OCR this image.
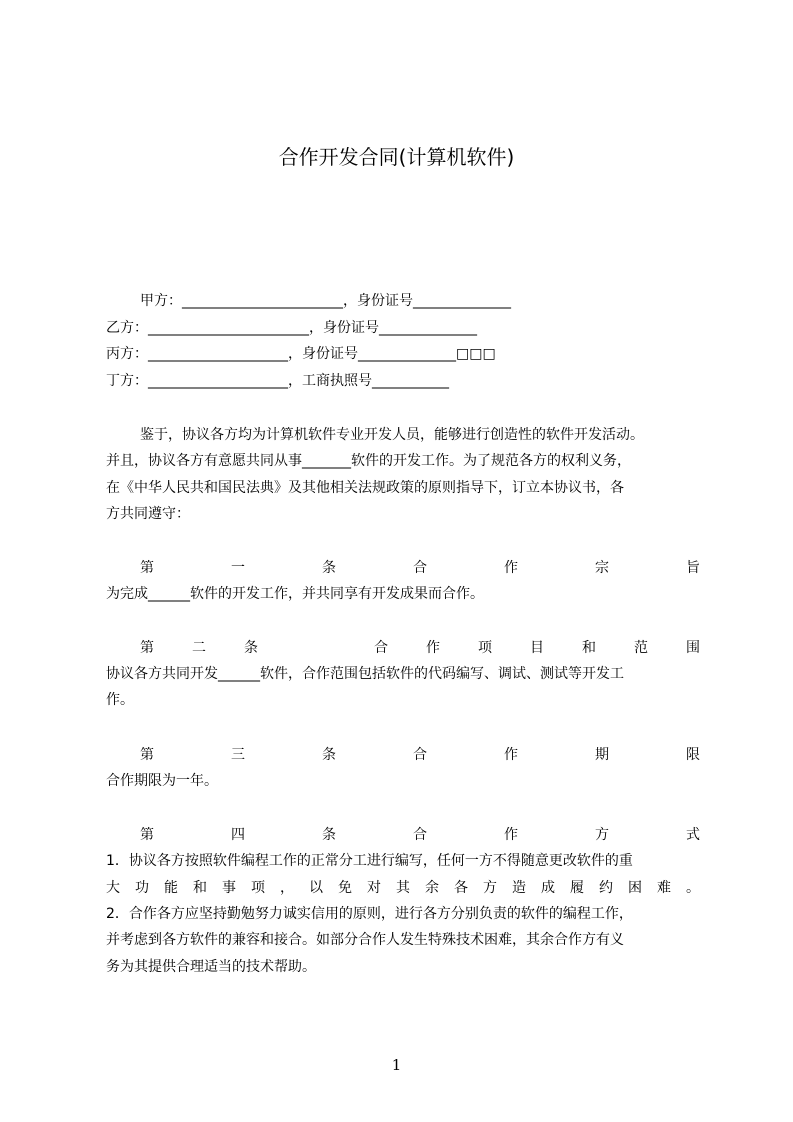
合作开发合同(计算机软件)
甲方：_______________________，身份证号______________
乙方：_______________________，身份证号______________
丙方：____________________，身份证号______________□□□
丁方：____________________，工商执照号___________
鉴于，协议各方均为计算机软件专业开发人员，能够进行创造性的软件开发活动。
并且，协议各方有意愿共同从事_______软件的开发工作。为了规范各方的权利义务，
在《中华人民共和国民法典》及其他相关法规政策的原则指导下，订立本协议书，各
方共同遵守：
第	一	条	合	作	宗	旨
为完成______软件的开发工作，并共同享有开发成果而合作。
第	二	条	合	作	项	目	和	范	围
协议各方共同开发______软件，合作范围包括软件的代码编写、调试、测试等开发工
作。
第	三	条	合	作	期	限
合作期限为一年。
第	四	条	合	作	方	式
1．协议各方按照软件编程工作的正常分工进行编写，任何一方不得随意更改软件的重
大 功 能 和 事 项 ， 以 免 对 其 余 各 方 造 成 履 约 困 难 。
2．合作各方应坚持勤勉努力诚实信用的原则，进行各方分别负责的软件的编程工作，
并考虑到各方软件的兼容和接合。如部分合作人发生特殊技术困难，其余合作方有义
务为其提供合理适当的技术帮助。
1
